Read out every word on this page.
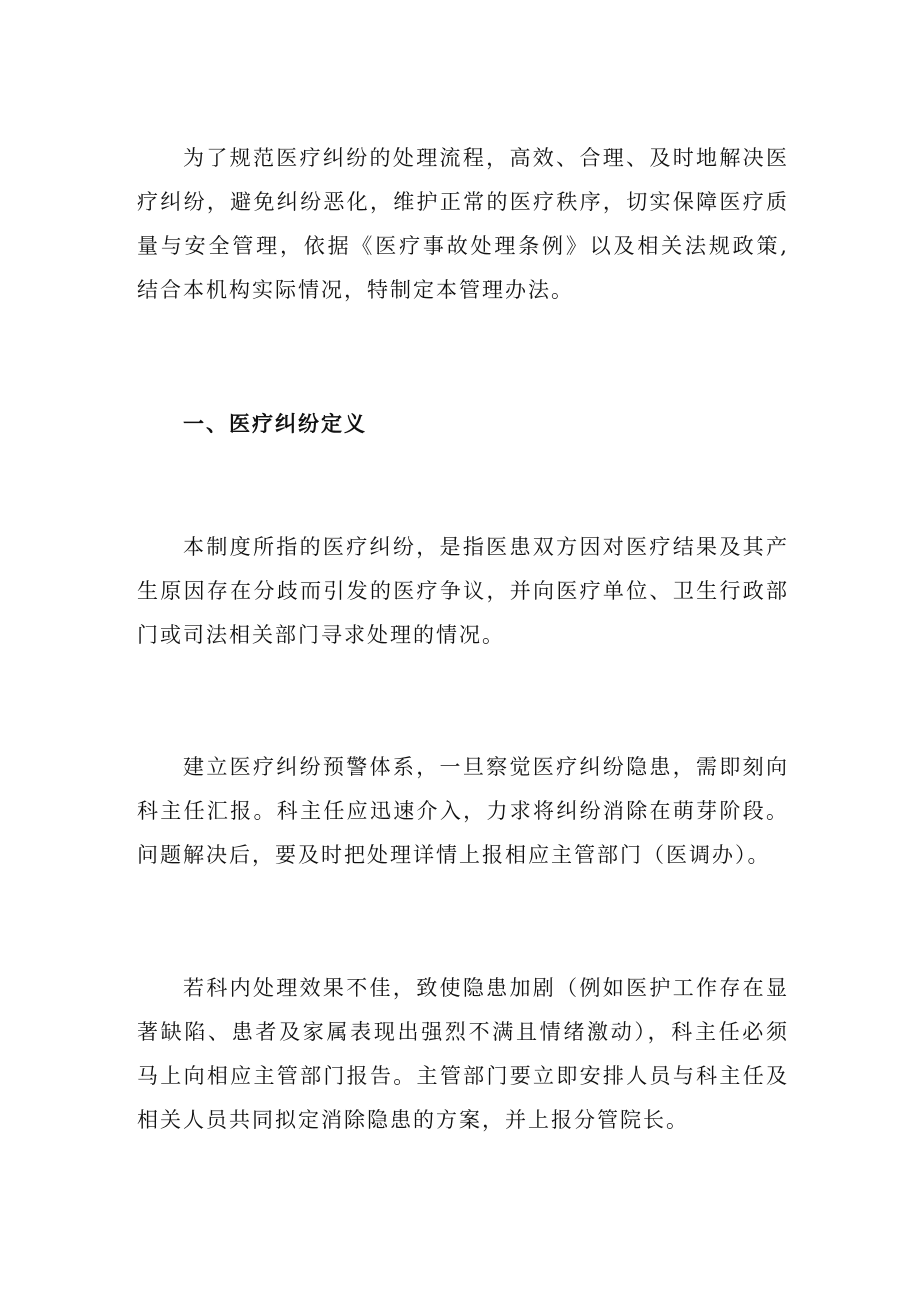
为了规范医疗纠纷的处理流程，高效、合理、及时地解决医疗纠纷，避免纠纷恶化，维护正常的医疗秩序，切实保障医疗质量与安全管理，依据《医疗事故处理条例》以及相关法规政策,结合本机构实际情况，特制定本管理办法。

一、医疗纠纷定义

本制度所指的医疗纠纷，是指医患双方因对医疗结果及其产生原因存在分歧而引发的医疗争议，并向医疗单位、卫生行政部门或司法相关部门寻求处理的情况。

建立医疗纠纷预警体系，一旦察觉医疗纠纷隐患，需即刻向科主任汇报。科主任应迅速介入，力求将纠纷消除在萌芽阶段。问题解决后，要及时把处理详情上报相应主管部门（医调办）。

若科内处理效果不佳，致使隐患加剧（例如医护工作存在显著缺陷、患者及家属表现出强烈不满且情绪激动），科主任必须马上向相应主管部门报告。主管部门要立即安排人员与科主任及相关人员共同拟定消除隐患的方案，并上报分管院长。
